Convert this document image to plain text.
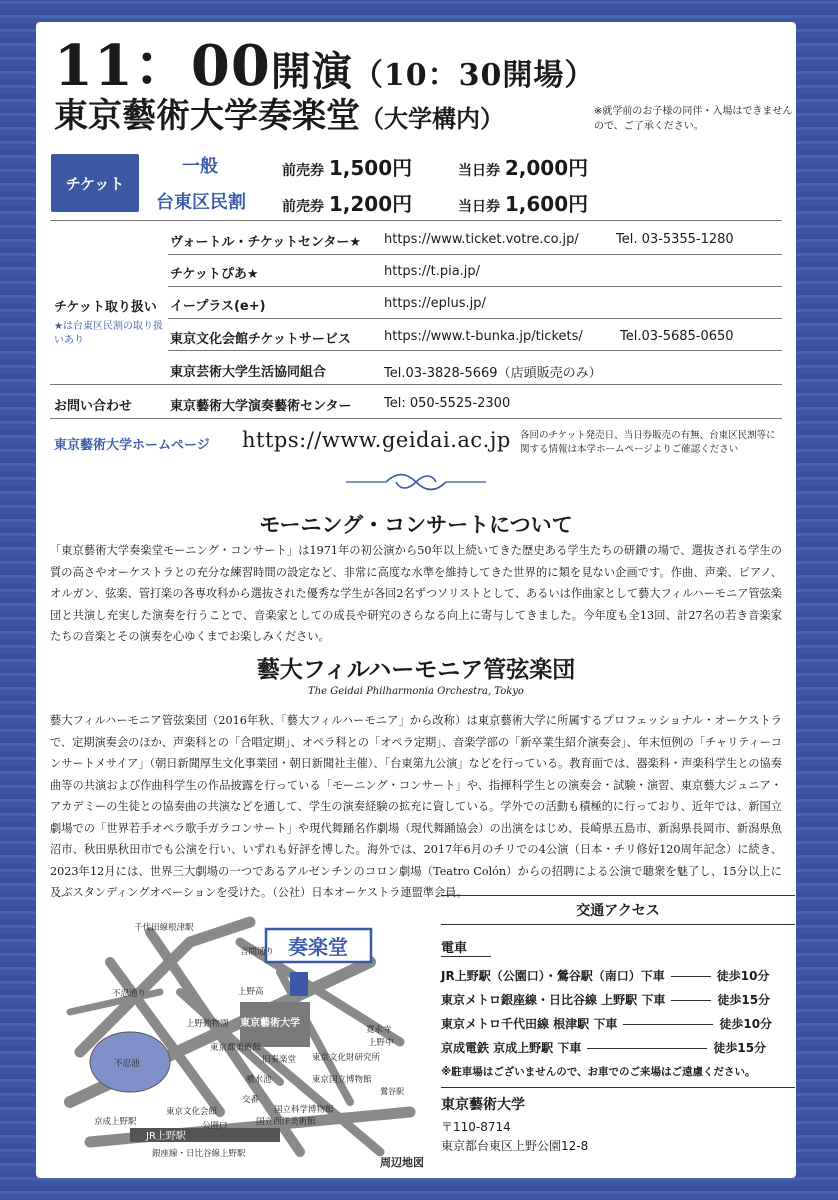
11：00開演（10：30開場）
東京藝術大学奏楽堂（大学構内）	※就学前のお子様の同伴・入場はできませんので、ご了承ください。
チケット
一般	前売券 1,500円	当日券 2,000円
台東区民割	前売券 1,200円	当日券 1,600円
チケット取り扱い
★は台東区民割の取り扱いあり
ヴォートル・チケットセンター★ https://www.ticket.votre.co.jp/	Tel. 03-5355-1280
チケットぴあ★	https://t.pia.jp/
イープラス(e+)	https://eplus.jp/
東京文化会館チケットサービス	https://www.t-bunka.jp/tickets/	Tel.03-5685-0650
東京芸術大学生活協同組合	Tel.03-3828-5669（店頭販売のみ）
お問い合わせ	東京藝術大学演奏藝術センター	Tel: 050-5525-2300
東京藝術大学ホームページ https://www.geidai.ac.jp 各回のチケット発売日、当日券販売の有無、台東区民割等に関する情報は本学ホームページよりご確認ください
モーニング・コンサートについて
「東京藝術大学奏楽堂モーニング・コンサート」は1971年の初公演から50年以上続いてきた歴史ある学生たちの研鑽の場で、選抜される学生の質の高さやオーケストラとの充分な練習時間の設定など、非常に高度な水準を維持してきた世界的に類を見ない企画です。作曲、声楽、ピアノ、オルガン、弦楽、管打楽の各専攻科から選抜された優秀な学生が各回2名ずつソリストとして、あるいは作曲家として藝大フィルハーモニア管弦楽団と共演し充実した演奏を行うことで、音楽家としての成長や研究のさらなる向上に寄与してきました。今年度も全13回、計27名の若き音楽家たちの音楽とその演奏を心ゆくまでお楽しみください。
藝大フィルハーモニア管弦楽団
The Geidai Philharmonia Orchestra, Tokyo
藝大フィルハーモニア管弦楽団（2016年秋、「藝大フィルハーモニア」から改称）は東京藝術大学に所属するプロフェッショナル・オーケストラで、定期演奏会のほか、声楽科との「合唱定期」、オペラ科との「オペラ定期」、音楽学部の「新卒業生紹介演奏会」、年末恒例の「チャリティーコンサートメサイア」（朝日新聞厚生文化事業団・朝日新聞社主催）、「台東第九公演」などを行っている。教育面では、器楽科・声楽科学生との協奏曲等の共演および作曲科学生の作品披露を行っている「モーニング・コンサート」や、指揮科学生との演奏会・試験・演習、東京藝大ジュニア・アカデミーの生徒との協奏曲の共演などを通して、学生の演奏経験の拡充に資している。学外での活動も積極的に行っており、近年では、新国立劇場での「世界若手オペラ歌手ガラコンサート」や現代舞踊名作劇場（現代舞踊協会）の出演をはじめ、長崎県五島市、新潟県長岡市、新潟県魚沼市、秋田県秋田市でも公演を行い、いずれも好評を博した。海外では、2017年6月のチリでの4公演（日本・チリ修好120周年記念）に続き、2023年12月には、世界三大劇場の一つであるアルゼンチンのコロン劇場（Teatro Colón）からの招聘による公演で聴衆を魅了し、15分以上に及ぶスタンディングオベーションを受けた。（公社）日本オーケストラ連盟準会員。
奏楽堂
千代田線根津駅
言問通り
上野高
不忍通り
上野動物園 東京藝術大学
東京都美術館
旧奏楽堂 東京文化財研究所
東京国立博物館
寛永寺
上野中
不忍池
噴水池
交番
東京文化会館	国立科学博物館
国立西洋美術館
京成上野駅	公園口
JR上野駅
銀座線・日比谷線上野駅
鶯谷駅
周辺地図
交通アクセス
電車
JR上野駅（公園口）・鶯谷駅（南口）下車	徒歩10分
東京メトロ銀座線・日比谷線 上野駅 下車	徒歩15分
東京メトロ千代田線 根津駅 下車	徒歩10分
京成電鉄 京成上野駅 下車	徒歩15分
※駐車場はございませんので、お車でのご来場はご遠慮ください。
東京藝術大学
〒110-8714
東京都台東区上野公園12-8
